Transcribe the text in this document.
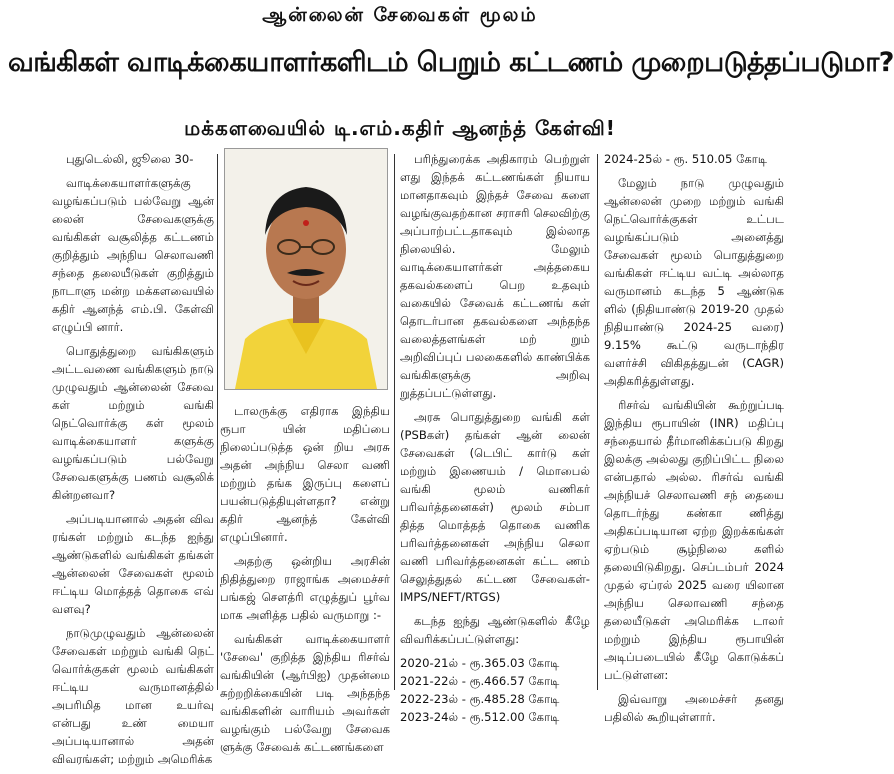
ஆன்லைன் சேவைகள் மூலம்
வங்கிகள் வாடிக்கையாளர்களிடம் பெறும் கட்டணம் முறைபடுத்தப்படுமா?
மக்களவையில் டி.எம்.கதிர் ஆனந்த் கேள்வி!

புதுடெல்லி, ஜூலை 30-

வாடிக்கையாளர்களுக்கு வழங்கப்படும் பல்வேறு ஆன் லைன் சேவைகளுக்கு வங்கிகள் வசூலித்த கட்டணம் குறித்தும் அந்நிய செலாவணி சந்தை தலையீடுகள் குறித்தும் நாடாளு மன்ற மக்களவையில் கதிர் ஆனந்த் எம்.பி. கேள்வி எழுப்பி னார்.

பொதுத்துறை வங்கிகளும் அட்டவணை வங்கிகளும் நாடு முழுவதும் ஆன்லைன் சேவை கள் மற்றும் வங்கி நெட்வொர்க்கு கள் மூலம் வாடிக்கையாளர் களுக்கு வழங்கப்படும் பல்வேறு சேவைகளுக்கு பணம் வசூலிக் கின்றனவா?

அப்படியானால் அதன் விவ ரங்கள் மற்றும் கடந்த ஐந்து ஆண்டுகளில் வங்கிகள் தங்கள் ஆன்லைன் சேவைகள் மூலம் ஈட்டிய மொத்தத் தொகை எவ் வளவு?

நாடுமுழுவதும் ஆன்லைன் சேவைகள் மற்றும் வங்கி நெட் வொர்க்குகள் மூலம் வங்கிகள் ஈட்டிய வருமானத்தில் அபரிமித மான உயர்வு என்பது உண் மையா அப்படியானால் அதன் விவரங்கள்; மற்றும் அமெரிக்க

டாலருக்கு எதிராக இந்திய ரூபா யின் மதிப்பை நிலைப்படுத்த ஒன் றிய அரசு அதன் அந்நிய செலா வணி மற்றும் தங்க இருப்பு களைப் பயன்படுத்தியுள்ளதா? என்று கதிர் ஆனந்த் கேள்வி எழுப்பினார்.

அதற்கு ஒன்றிய அரசின் நிதித்துறை ராஜாங்க அமைச்சர் பங்கஜ் சௌத்ரி எழுத்துப் பூர்வ மாக அளித்த பதில் வருமாறு :-

வங்கிகள் வாடிக்கையாளர் 'சேவை' குறித்த இந்திய ரிசர்வ் வங்கியின் (ஆர்பிஐ) முதன்மை சுற்றறிக்கையின் படி அந்தந்த வங்கிகளின் வாரியம் அவர்கள் வழங்கும் பல்வேறு சேவைக ளுக்கு சேவைக் கட்டணங்களை

பரிந்துரைக்க அதிகாரம் பெற்றுள் ளது இந்தக் கட்டணங்கள் நியாய மானதாகவும் இந்தச் சேவை களை வழங்குவதற்கான சராசரி செலவிற்கு அப்பாற்பட்டதாகவும் இல்லாத நிலையில். மேலும் வாடிக்கையாளர்கள் அத்தகைய தகவல்களைப் பெற உதவும் வகையில் சேவைக் கட்டணங் கள் தொடர்பான தகவல்களை அந்தந்த வலைத்தளங்கள் மற் றும் அறிவிப்புப் பலகைகளில் காண்பிக்க வங்கிகளுக்கு அறிவு றுத்தப்பட்டுள்ளது.

அரசு பொதுத்துறை வங்கி கள் (PSBகள்) தங்கள் ஆன் லைன் சேவைகள் (டெபிட் கார்டு கள் மற்றும் இணையம் / மொபைல் வங்கி மூலம் வணிகர் பரிவர்த்தனைகள்) மூலம் சம்பா தித்த மொத்தத் தொகை வணிக பரிவர்த்தனைகள் அந்நிய செலா வணி பரிவர்த்தனைகள் கட்ட ணம் செலுத்துதல் கட்டண சேவைகள்-IMPS/NEFT/RTGS)

கடந்த ஐந்து ஆண்டுகளில் கீழே விவரிக்கப்பட்டுள்ளது:

2020-21ல் - ரூ.365.03 கோடி
2021-22ல் - ரூ.466.57 கோடி
2022-23ல் - ரூ.485.28 கோடி
2023-24ல் - ரூ.512.00 கோடி

2024-25ல் - ரூ. 510.05 கோடி

மேலும் நாடு முழுவதும் ஆன்லைன் முறை மற்றும் வங்கி நெட்வொர்க்குகள் உட்பட வழங்கப்படும் அனைத்து சேவைகள் மூலம் பொதுத்துறை வங்கிகள் ஈட்டிய வட்டி அல்லாத வருமானம் கடந்த 5 ஆண்டுக ளில் (நிதியாண்டு 2019-20 முதல் நிதியாண்டு 2024-25 வரை) 9.15% கூட்டு வருடாந்திர வளர்ச்சி விகிதத்துடன் (CAGR) அதிகரித்துள்ளது.

ரிசர்வ் வங்கியின் கூற்றுப்படி இந்திய ரூபாயின் (INR) மதிப்பு சந்தையால் தீர்மானிக்கப்படு கிறது இலக்கு அல்லது குறிப்பிட்ட நிலை என்பதால் அல்ல. ரிசர்வ் வங்கி அந்நியச் செலாவணி சந் தையை தொடர்ந்து கண்கா ணித்து அதிகப்படியான ஏற்ற இறக்கங்கள் ஏற்படும் சூழ்நிலை களில் தலையிடுகிறது. செப்டம்பர் 2024 முதல் ஏப்ரல் 2025 வரை யிலான அந்நிய செலாவணி சந்தை தலையீடுகள் அமெரிக்க டாலர் மற்றும் இந்திய ரூபாயின் அடிப்படையில் கீழே கொடுக்கப் பட்டுள்ளன:

இவ்வாறு அமைச்சர் தனது பதிலில் கூறியுள்ளார்.
